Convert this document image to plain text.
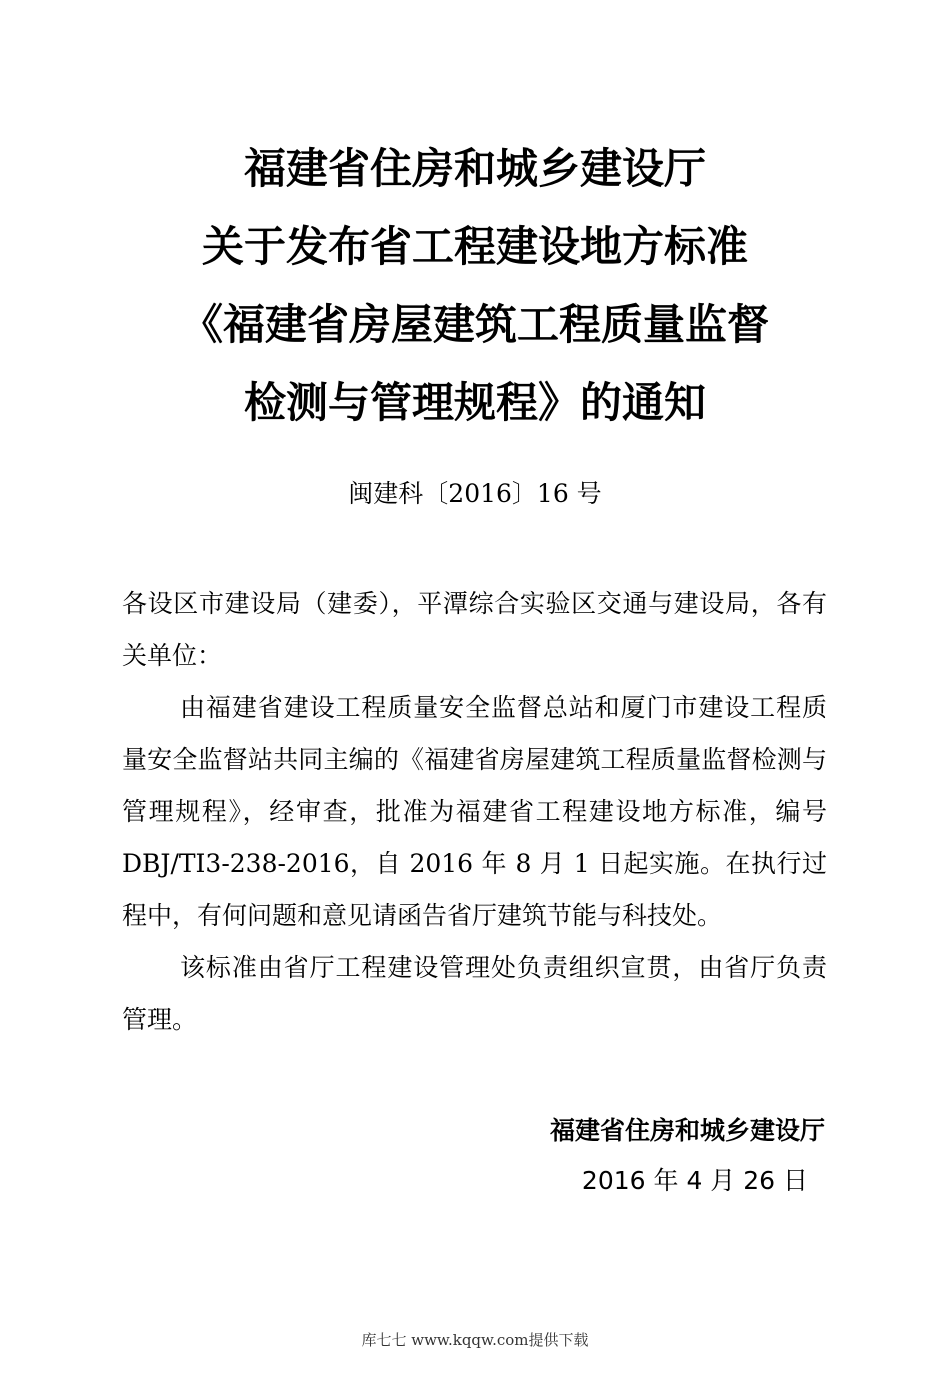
福建省住房和城乡建设厅
关于发布省工程建设地方标准
《福建省房屋建筑工程质量监督
检测与管理规程》的通知
闽建科〔2016〕16 号

各设区市建设局（建委），平潭综合实验区交通与建设局，各有关单位：

由福建省建设工程质量安全监督总站和厦门市建设工程质量安全监督站共同主编的《福建省房屋建筑工程质量监督检测与管理规程》，经审查，批准为福建省工程建设地方标准，编号 DBJ/TI3-238-2016，自 2016 年 8 月 1 日起实施。在执行过程中，有何问题和意见请函告省厅建筑节能与科技处。

该标准由省厅工程建设管理处负责组织宣贯，由省厅负责管理。

福建省住房和城乡建设厅
2016 年 4 月 26 日
库七七 www.kqqw.com提供下载
